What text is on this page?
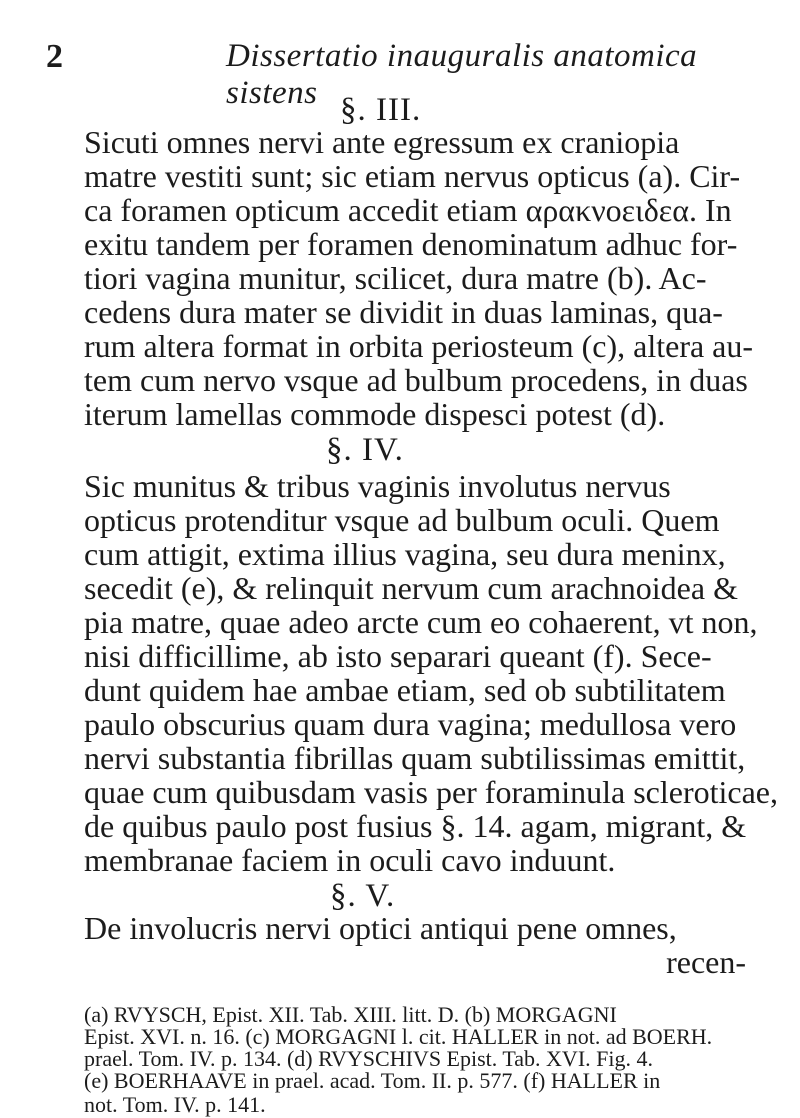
2	Dissertatio inauguralis anatomica sistens §. III.
Sicuti omnes nervi ante egressum ex craniopia
matre vestiti sunt; sic etiam nervus opticus (a). Cir-
ca foramen opticum accedit etiam αρακνοειδεα. In
exitu tandem per foramen denominatum adhuc for-
tiori vagina munitur, scilicet, dura matre (b). Ac-
cedens dura mater se dividit in duas laminas, qua-
rum altera format in orbita periosteum (c), altera au-
tem cum nervo vsque ad bulbum procedens, in duas
iterum lamellas commode dispesci potest (d).
§. IV.
Sic munitus & tribus vaginis involutus nervus
opticus protenditur vsque ad bulbum oculi. Quem
cum attigit, extima illius vagina, seu dura meninx,
secedit (e), & relinquit nervum cum arachnoidea &
pia matre, quae adeo arcte cum eo cohaerent, vt non,
nisi difficillime, ab isto separari queant (f). Sece-
dunt quidem hae ambae etiam, sed ob subtilitatem
paulo obscurius quam dura vagina; medullosa vero
nervi substantia fibrillas quam subtilissimas emittit,
quae cum quibusdam vasis per foraminula scleroticae,
de quibus paulo post fusius §. 14. agam, migrant, &
membranae faciem in oculi cavo induunt.
§. V.
De involucris nervi optici antiqui pene omnes,
recen-
(a) RVYSCH, Epist. XII. Tab. XIII. litt. D. (b) MORGAGNI
Epist. XVI. n. 16. (c) MORGAGNI l. cit. HALLER in not. ad BOERH.
prael. Tom. IV. p. 134. (d) RVYSCHIVS Epist. Tab. XVI. Fig. 4.
(e) BOERHAAVE in prael. acad. Tom. II. p. 577. (f) HALLER in
not. Tom. IV. p. 141.
